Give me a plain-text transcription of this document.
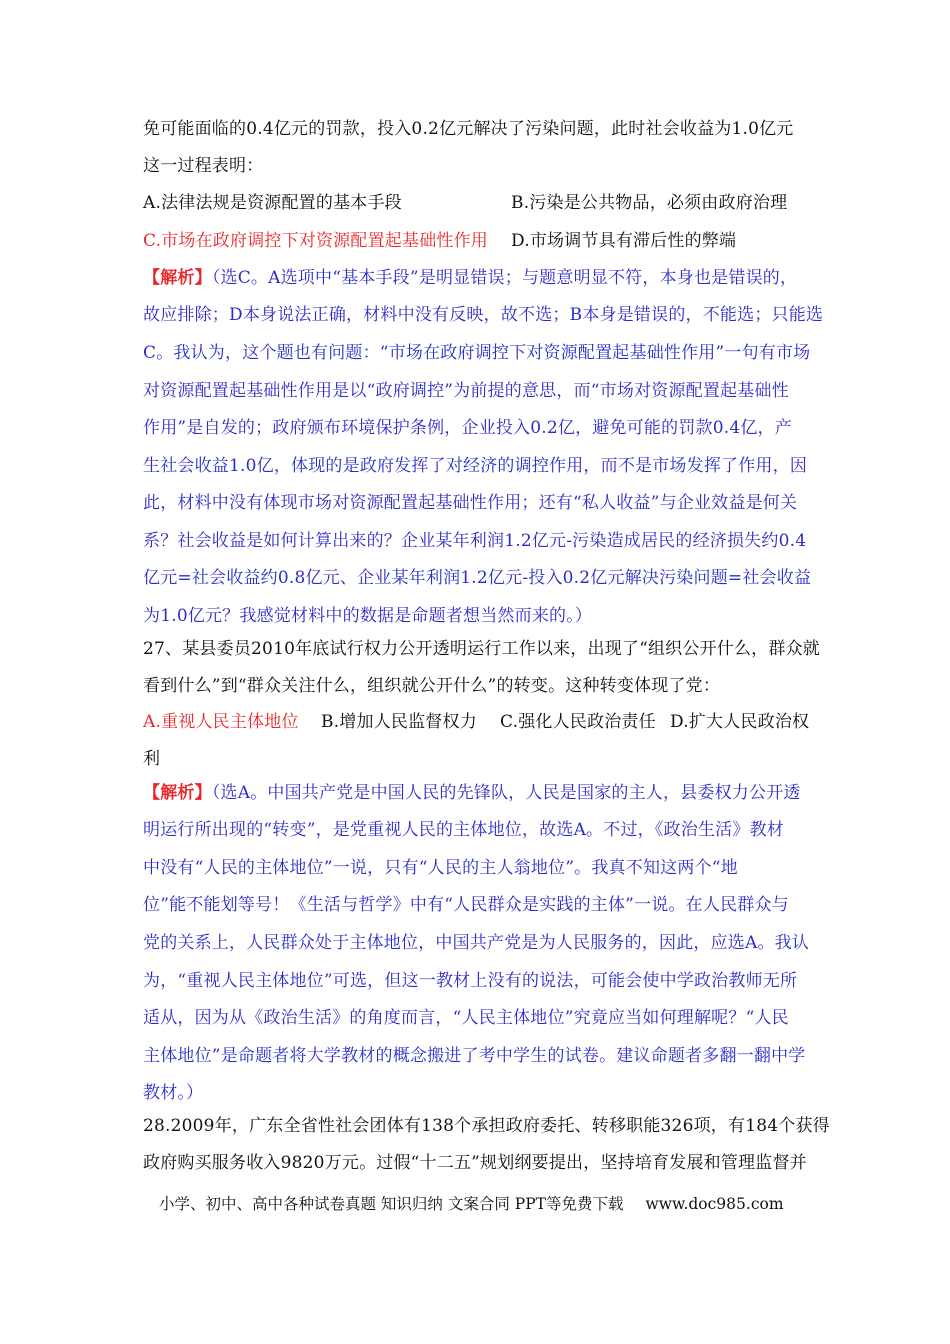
免可能面临的0.4亿元的罚款，投入0.2亿元解决了污染问题，此时社会收益为1.0亿元
这一过程表明：
A.法律法规是资源配置的基本手段	B.污染是公共物品，必须由政府治理
C.市场在政府调控下对资源配置起基础性作用 D.市场调节具有滞后性的弊端
【解析】（选C。A选项中“基本手段”是明显错误；与题意明显不符，本身也是错误的，
故应排除；D本身说法正确，材料中没有反映，故不选；B本身是错误的，不能选；只能选
C。我认为，这个题也有问题：“市场在政府调控下对资源配置起基础性作用”一句有市场
对资源配置起基础性作用是以“政府调控”为前提的意思，而“市场对资源配置起基础性
作用”是自发的；政府颁布环境保护条例，企业投入0.2亿，避免可能的罚款0.4亿，产
生社会收益1.0亿，体现的是政府发挥了对经济的调控作用，而不是市场发挥了作用，因
此，材料中没有体现市场对资源配置起基础性作用；还有“私人收益”与企业效益是何关
系？社会收益是如何计算出来的？企业某年利润1.2亿元-污染造成居民的经济损失约0.4
亿元=社会收益约0.8亿元、企业某年利润1.2亿元-投入0.2亿元解决污染问题=社会收益
为1.0亿元？我感觉材料中的数据是命题者想当然而来的。）
27、某县委员2010年底试行权力公开透明运行工作以来，出现了“组织公开什么，群众就
看到什么”到“群众关注什么，组织就公开什么”的转变。这种转变体现了党：
A.重视人民主体地位 B.增加人民监督权力 C.强化人民政治责任 D.扩大人民政治权
利
【解析】（选A。中国共产党是中国人民的先锋队，人民是国家的主人，县委权力公开透
明运行所出现的“转变”，是党重视人民的主体地位，故选A。不过，《政治生活》教材
中没有“人民的主体地位”一说，只有“人民的主人翁地位”。我真不知这两个“地
位”能不能划等号！《生活与哲学》中有“人民群众是实践的主体”一说。在人民群众与
党的关系上，人民群众处于主体地位，中国共产党是为人民服务的，因此，应选A。我认
为，“重视人民主体地位”可选，但这一教材上没有的说法，可能会使中学政治教师无所
适从，因为从《政治生活》的角度而言，“人民主体地位”究竟应当如何理解呢？“人民
主体地位”是命题者将大学教材的概念搬进了考中学生的试卷。建议命题者多翻一翻中学
教材。）
28.2009年，广东全省性社会团体有138个承担政府委托、转移职能326项，有184个获得
政府购买服务收入9820万元。过假“十二五”规划纲要提出，坚持培育发展和管理监督并
小学、初中、高中各种试卷真题 知识归纳 文案合同 PPT等免费下载 www.doc985.com
